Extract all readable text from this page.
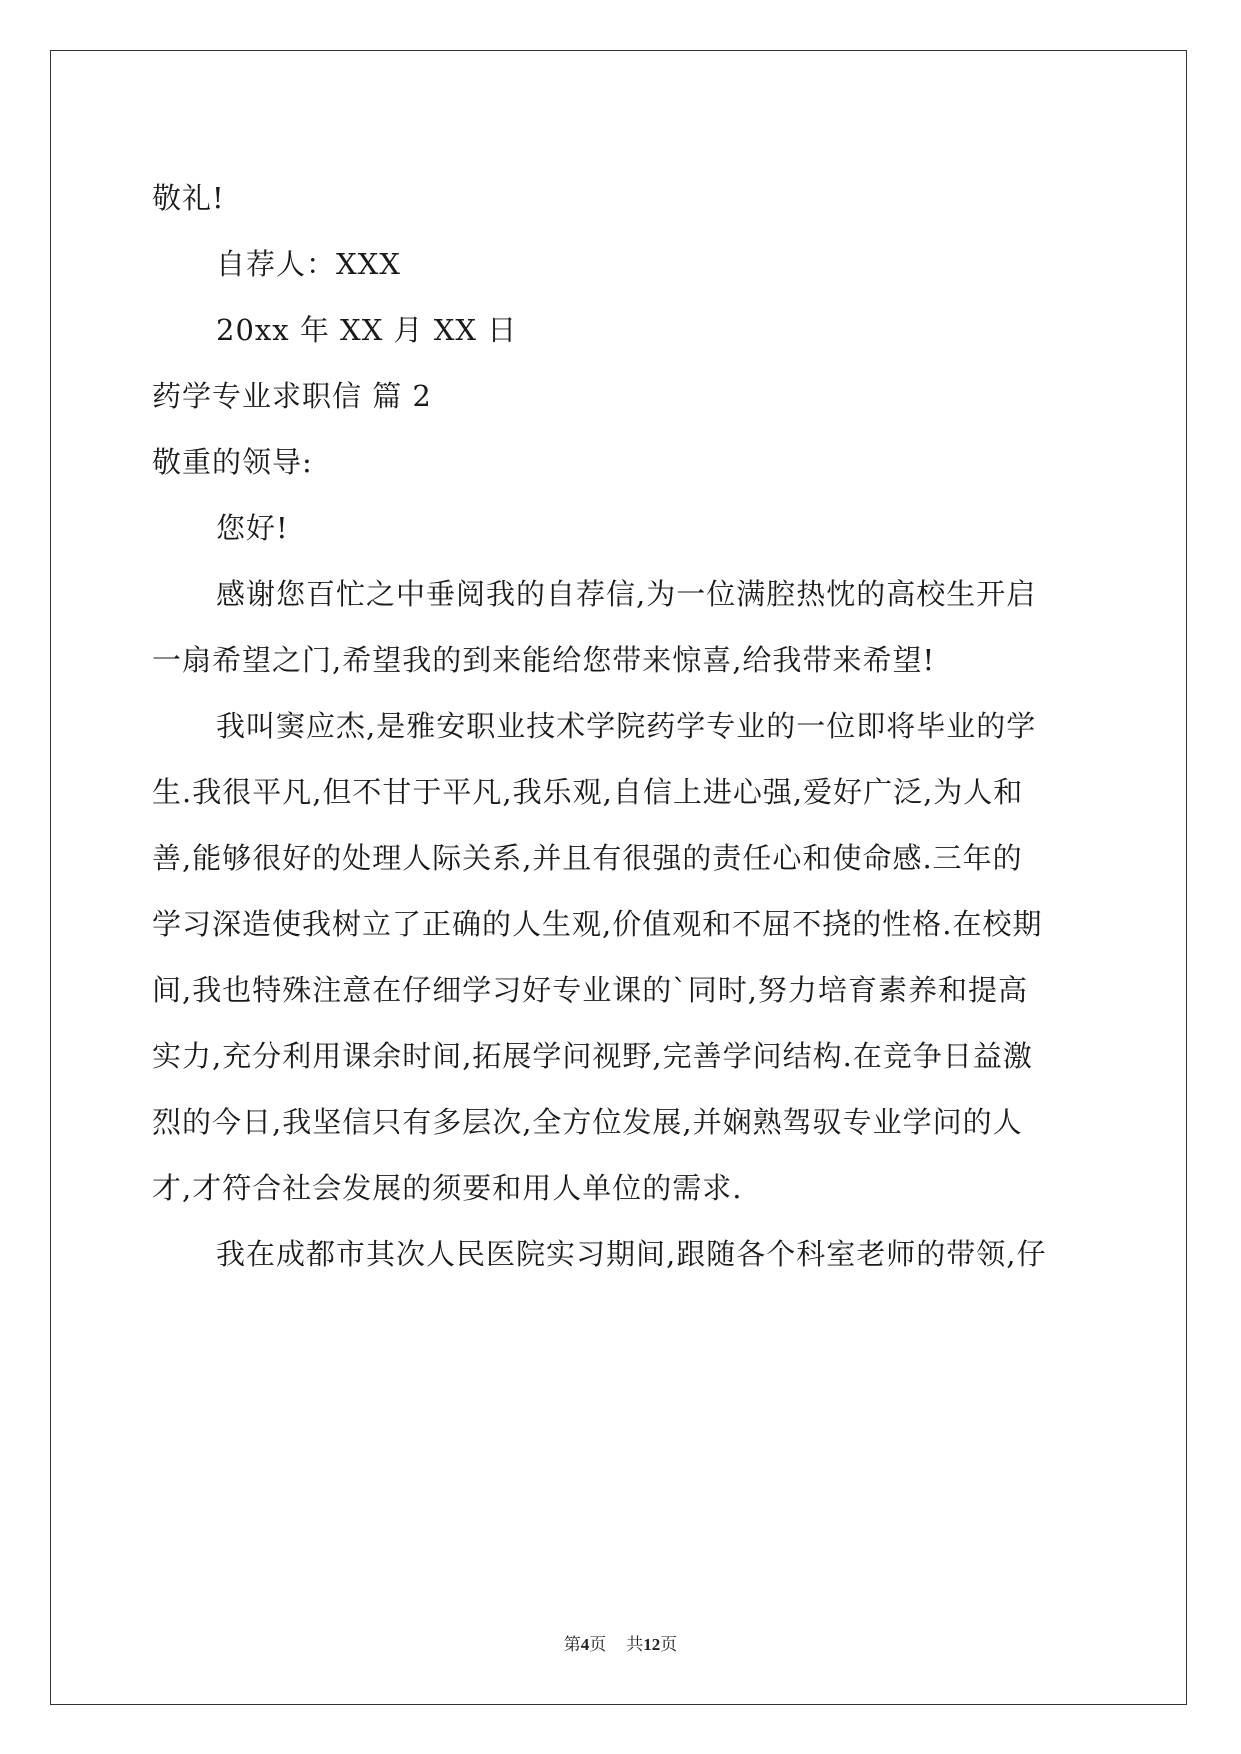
敬礼!
自荐人：XXX
20xx 年 XX 月 XX 日
药学专业求职信 篇 2
敬重的领导:
您好!
感谢您百忙之中垂阅我的自荐信,为一位满腔热忱的高校生开启
一扇希望之门,希望我的到来能给您带来惊喜,给我带来希望!
我叫窦应杰,是雅安职业技术学院药学专业的一位即将毕业的学
生.我很平凡,但不甘于平凡,我乐观,自信上进心强,爱好广泛,为人和
善,能够很好的处理人际关系,并且有很强的责任心和使命感.三年的
学习深造使我树立了正确的人生观,价值观和不屈不挠的性格.在校期
间,我也特殊注意在仔细学习好专业课的`同时,努力培育素养和提高
实力,充分利用课余时间,拓展学问视野,完善学问结构.在竞争日益激
烈的今日,我坚信只有多层次,全方位发展,并娴熟驾驭专业学问的人
才,才符合社会发展的须要和用人单位的需求.
我在成都市其次人民医院实习期间,跟随各个科室老师的带领,仔
第4页 共12页
